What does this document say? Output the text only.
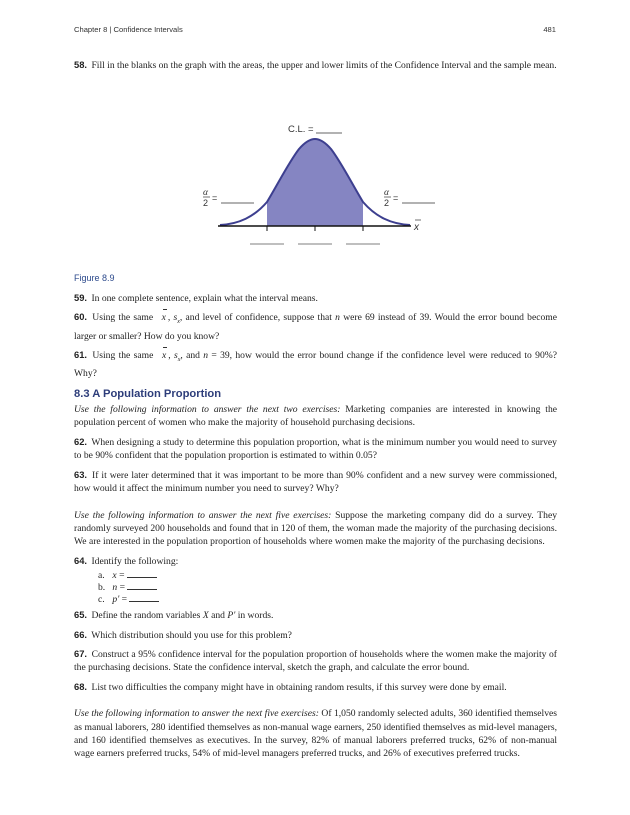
Chapter 8 | Confidence Intervals	481

58. Fill in the blanks on the graph with the areas, the upper and lower limits of the Confidence Interval and the sample mean.

C.L. =
α
2 =	α
2 =
x
Figure 8.9

59. In one complete sentence, explain what the interval means.

60. Using the same x , $s_x$, and level of confidence, suppose that n were 69 instead of 39. Would the error bound become larger or smaller? How do you know?

61. Using the same x , $s_x$, and n = 39, how would the error bound change if the confidence level were reduced to 90%? Why?

8.3 A Population Proportion

Use the following information to answer the next two exercises: Marketing companies are interested in knowing the population percent of women who make the majority of household purchasing decisions.

62. When designing a study to determine this population proportion, what is the minimum number you would need to survey to be 90% confident that the population proportion is estimated to within 0.05?

63. If it were later determined that it was important to be more than 90% confident and a new survey were commissioned, how would it affect the minimum number you need to survey? Why?

Use the following information to answer the next five exercises: Suppose the marketing company did do a survey. They randomly surveyed 200 households and found that in 120 of them, the woman made the majority of the purchasing decisions. We are interested in the population proportion of households where women make the majority of the purchasing decisions.

64. Identify the following:

a. x =
b. n =
c. p' =

65. Define the random variables X and P' in words.

66. Which distribution should you use for this problem?

67. Construct a 95% confidence interval for the population proportion of households where the women make the majority of the purchasing decisions. State the confidence interval, sketch the graph, and calculate the error bound.

68. List two difficulties the company might have in obtaining random results, if this survey were done by email.

Use the following information to answer the next five exercises: Of 1,050 randomly selected adults, 360 identified themselves as manual laborers, 280 identified themselves as non-manual wage earners, 250 identified themselves as mid-level managers, and 160 identified themselves as executives. In the survey, 82% of manual laborers preferred trucks, 62% of non-manual wage earners preferred trucks, 54% of mid-level managers preferred trucks, and 26% of executives preferred trucks.
